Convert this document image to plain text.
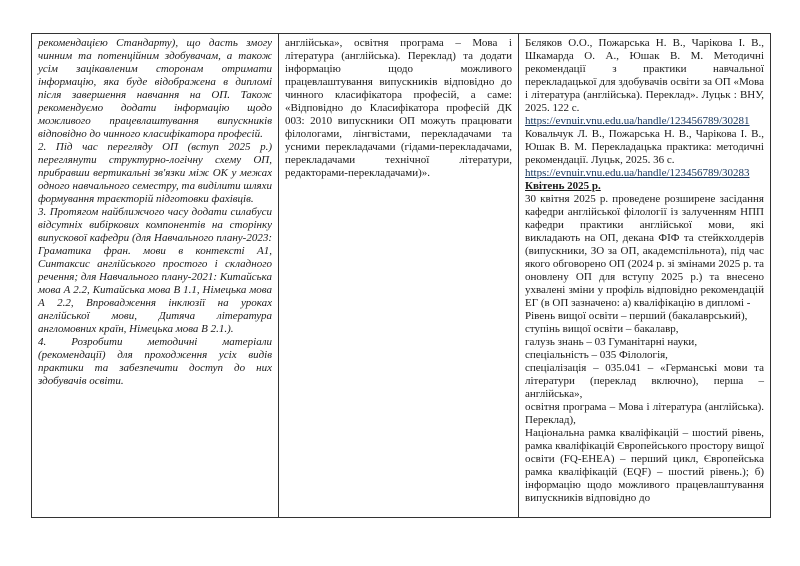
рекомендацією Стандарту), що дасть змогу чинним та потенційним здобувачам, а також усім зацікавленим сторонам отримати інформацію, яка буде відображена в дипломі після завершення навчання на ОП. Також рекомендуємо додати інформацію щодо можливого працевлаштування випускників відповідно до чинного класифікатора професій.

2. Під час перегляду ОП (вступ 2025 р.) переглянути структурно-логічну схему ОП, прибравши вертикальні зв'язки між ОК у межах одного навчального семестру, та виділити шляхи формування траєкторій підготовки фахівців.

3. Протягом найближчого часу додати силабуси відсутніх вибіркових компонентів на сторінку випускової кафедри (для Навчального плану-2023: Граматика фран. мови в контексті А1, Синтаксис англійського простого і складного речення; для Навчального плану-2021: Китайська мова А 2.2, Китайська мова В 1.1, Німецька мова А 2.2, Впровадження інклюзії на уроках англійської мови, Дитяча література англомовних країн, Німецька мова В 2.1.).

4. Розробити методичні матеріали (рекомендації) для проходження усіх видів практики та забезпечити доступ до них здобувачів освіти.

англійська», освітня програма – Мова і література (англійська). Переклад) та додати інформацію щодо можливого працевлаштування випускників відповідно до чинного класифікатора професій, а саме: «Відповідно до Класифікатора професій ДК 003: 2010 випускники ОП можуть працювати філологами, лінгвістами, перекладачами та усними перекладачами (гідами-перекладачами, перекладачами технічної літератури, редакторами-перекладачами)».

Бєляков О.О., Пожарська Н. В., Чарікова І. В., Шкамарда О. А., Юшак В. М. Методичні рекомендації з практики навчальної перекладацької для здобувачів освіти за ОП «Мова і література (англійська). Переклад». Луцьк : ВНУ, 2025. 122 с.

https://evnuir.vnu.edu.ua/handle/123456789/30281

Ковальчук Л. В., Пожарська Н. В., Чарікова І. В., Юшак В. М. Перекладацька практика: методичні рекомендації. Луцьк, 2025. 36 с.

https://evnuir.vnu.edu.ua/handle/123456789/30283

Квітень 2025 р.

30 квітня 2025 р. проведене розширене засідання кафедри англійської філології із залученням НПП кафедри практики англійської мови, які викладають на ОП, декана ФІФ та стейкхолдерів (випускники, ЗО за ОП, академспільнота), під час якого обговорено ОП (2024 р. зі змінами 2025 р. та оновлену ОП для вступу 2025 р.) та внесено ухвалені зміни у профіль відповідно рекомендацій ЕГ (в ОП зазначено: а) кваліфікацію в дипломі -

Рівень вищої освіти – перший (бакалаврський),

ступінь вищої освіти – бакалавр,

галузь знань – 03 Гуманітарні науки,

спеціальність – 035 Філологія,

спеціалізація – 035.041 – «Германські мови та літератури (переклад включно), перша – англійська»,

освітня програма – Мова і література (англійська). Переклад),

Національна рамка кваліфікацій – шостий рівень, рамка кваліфікацій Європейського простору вищої освіти (FQ-EHEA) – перший цикл, Європейська рамка кваліфікацій (EQF) – шостий рівень.); б) інформацію щодо можливого працевлаштування випускників відповідно до
